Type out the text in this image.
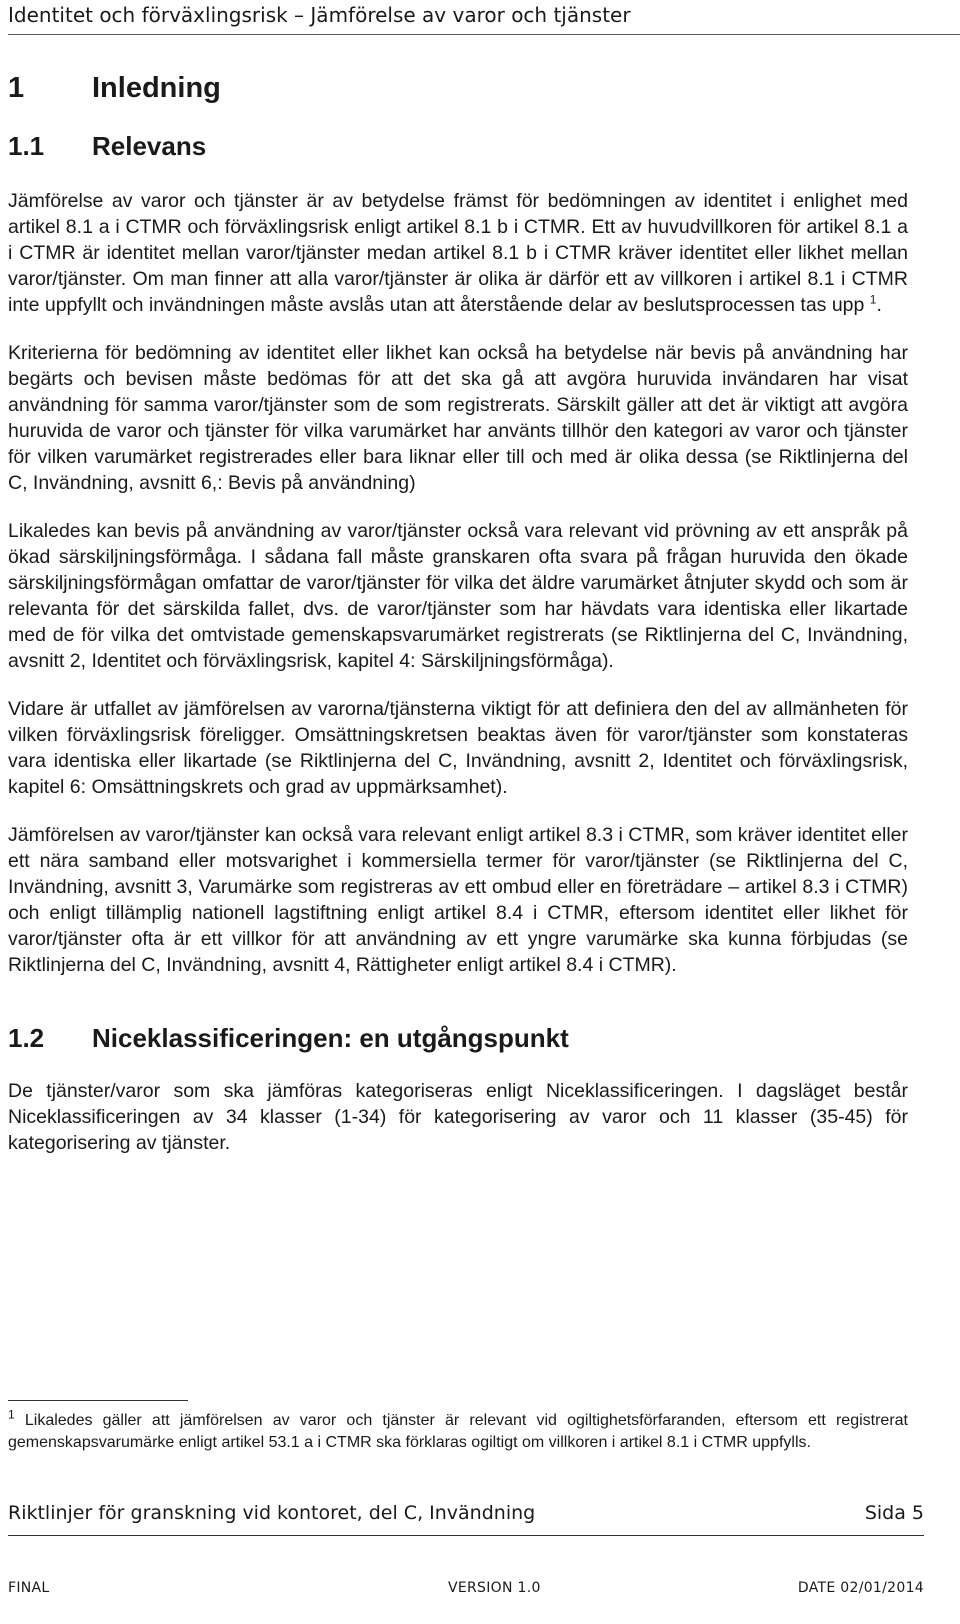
Identitet och förväxlingsrisk – Jämförelse av varor och tjänster
1 Inledning
1.1 Relevans

Jämförelse av varor och tjänster är av betydelse främst för bedömningen av identitet i enlighet med artikel 8.1 a i CTMR och förväxlingsrisk enligt artikel 8.1 b i CTMR. Ett av huvudvillkoren för artikel 8.1 a i CTMR är identitet mellan varor/tjänster medan artikel 8.1 b i CTMR kräver identitet eller likhet mellan varor/tjänster. Om man finner att alla varor/tjänster är olika är därför ett av villkoren i artikel 8.1 i CTMR inte uppfyllt och invändningen måste avslås utan att återstående delar av beslutsprocessen tas upp $^1$.

Kriterierna för bedömning av identitet eller likhet kan också ha betydelse när bevis på användning har begärts och bevisen måste bedömas för att det ska gå att avgöra huruvida invändaren har visat användning för samma varor/tjänster som de som registrerats. Särskilt gäller att det är viktigt att avgöra huruvida de varor och tjänster för vilka varumärket har använts tillhör den kategori av varor och tjänster för vilken varumärket registrerades eller bara liknar eller till och med är olika dessa (se Riktlinjerna del C, Invändning, avsnitt 6,: Bevis på användning)

Likaledes kan bevis på användning av varor/tjänster också vara relevant vid prövning av ett anspråk på ökad särskiljningsförmåga. I sådana fall måste granskaren ofta svara på frågan huruvida den ökade särskiljningsförmågan omfattar de varor/tjänster för vilka det äldre varumärket åtnjuter skydd och som är relevanta för det särskilda fallet, dvs. de varor/tjänster som har hävdats vara identiska eller likartade med de för vilka det omtvistade gemenskapsvarumärket registrerats (se Riktlinjerna del C, Invändning, avsnitt 2, Identitet och förväxlingsrisk, kapitel 4: Särskiljningsförmåga).

Vidare är utfallet av jämförelsen av varorna/tjänsterna viktigt för att definiera den del av allmänheten för vilken förväxlingsrisk föreligger. Omsättningskretsen beaktas även för varor/tjänster som konstateras vara identiska eller likartade (se Riktlinjerna del C, Invändning, avsnitt 2, Identitet och förväxlingsrisk, kapitel 6: Omsättningskrets och grad av uppmärksamhet).

Jämförelsen av varor/tjänster kan också vara relevant enligt artikel 8.3 i CTMR, som kräver identitet eller ett nära samband eller motsvarighet i kommersiella termer för varor/tjänster (se Riktlinjerna del C, Invändning, avsnitt 3, Varumärke som registreras av ett ombud eller en företrädare – artikel 8.3 i CTMR) och enligt tillämplig nationell lagstiftning enligt artikel 8.4 i CTMR, eftersom identitet eller likhet för varor/tjänster ofta är ett villkor för att användning av ett yngre varumärke ska kunna förbjudas (se Riktlinjerna del C, Invändning, avsnitt 4, Rättigheter enligt artikel 8.4 i CTMR).

1.2 Niceklassificeringen: en utgångspunkt

De tjänster/varor som ska jämföras kategoriseras enligt Niceklassificeringen. I dagsläget består Niceklassificeringen av 34 klasser (1-34) för kategorisering av varor och 11 klasser (35-45) för kategorisering av tjänster.

$^1$ Likaledes gäller att jämförelsen av varor och tjänster är relevant vid ogiltighetsförfaranden, eftersom ett registrerat gemenskapsvarumärke enligt artikel 53.1 a i CTMR ska förklaras ogiltigt om villkoren i artikel 8.1 i CTMR uppfylls.
Riktlinjer för granskning vid kontoret, del C, Invändning	Sida 5
FINAL	VERSION 1.0	DATE 02/01/2014
